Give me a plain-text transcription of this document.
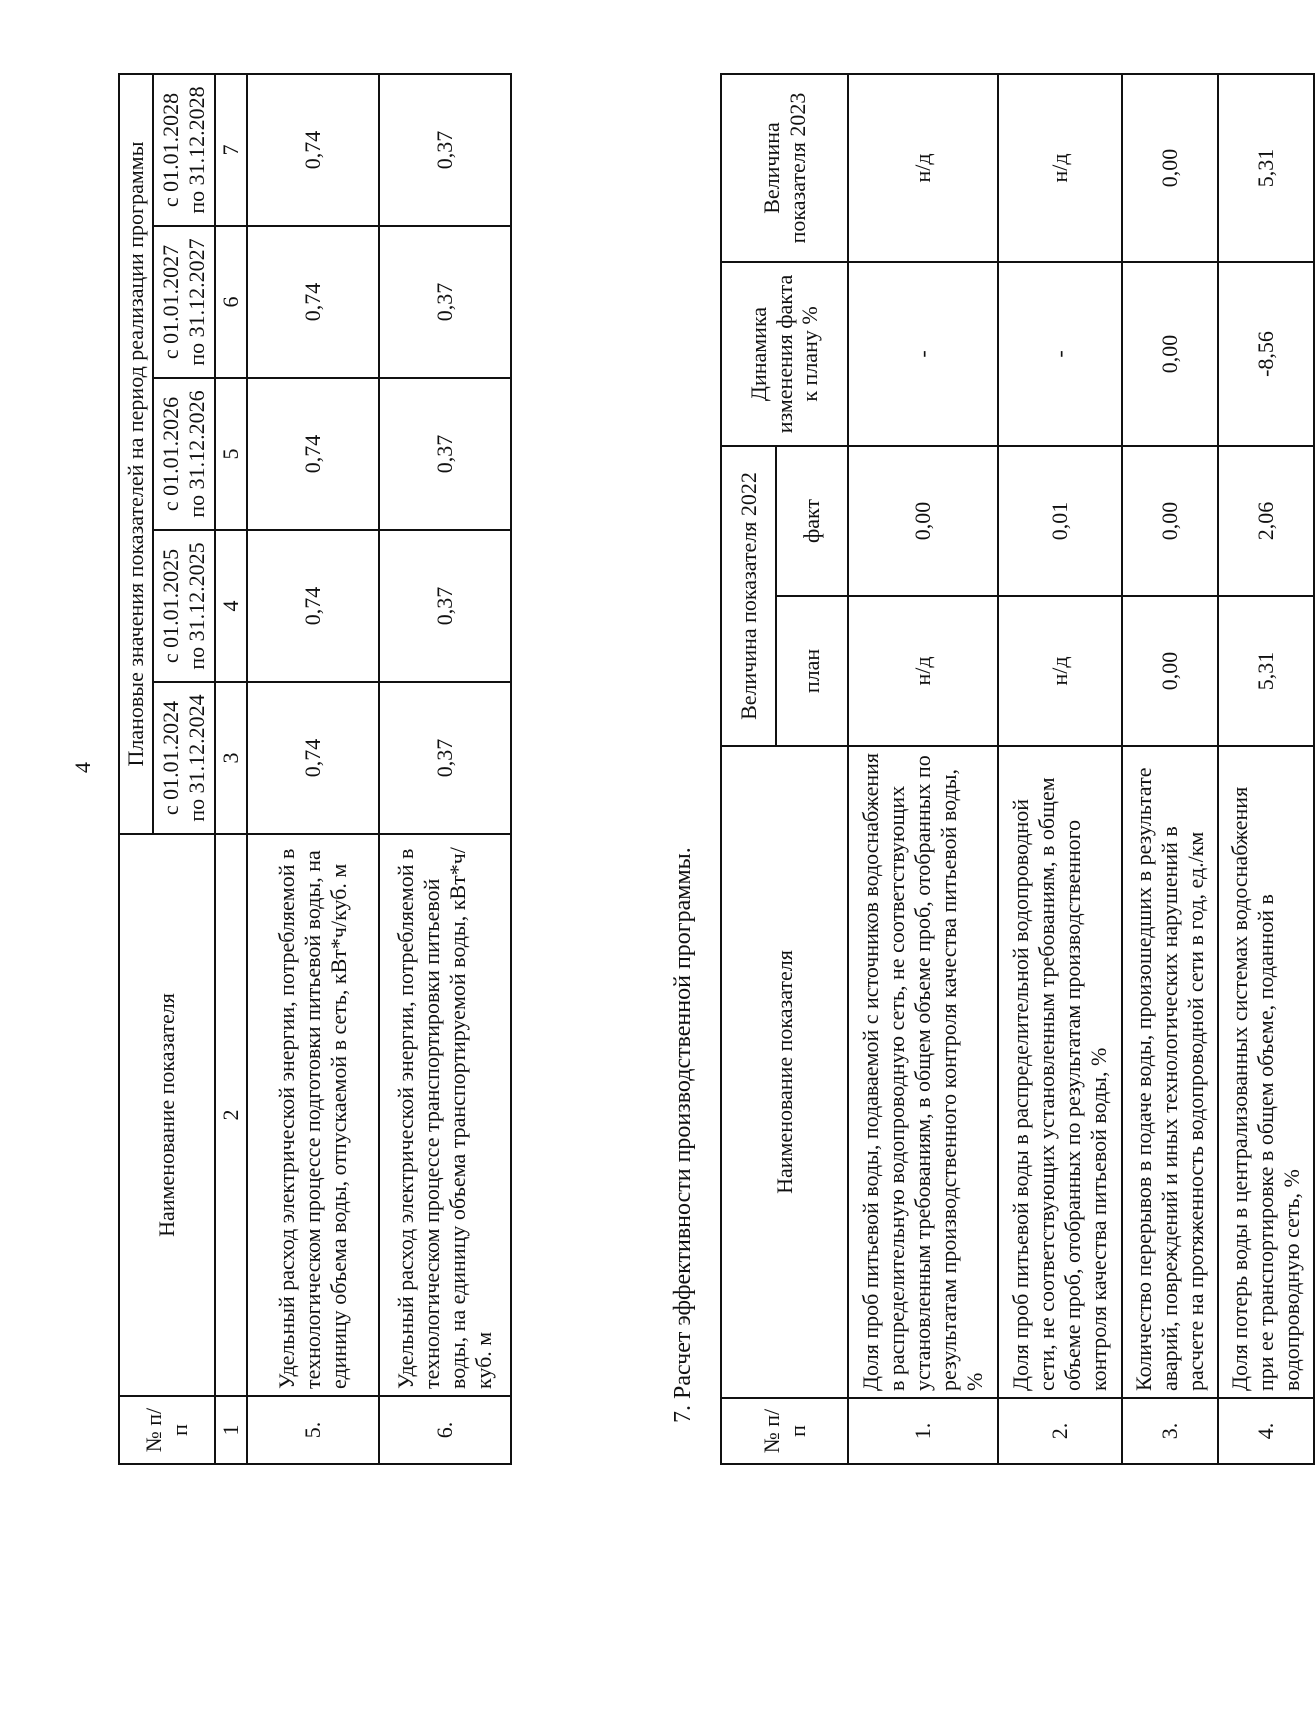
4
№ п/п	Наименование показателя	Плановые значения показателей на период реализации программы				
		с 01.01.2024 по 31.12.2024	с 01.01.2025 по 31.12.2025	с 01.01.2026 по 31.12.2026	с 01.01.2027 по 31.12.2027	с 01.01.2028 по 31.12.2028
1	2	3	4	5	6	7
5.	Удельный расход электрической энергии, потребляемой в технологическом процессе подготовки питьевой воды, на единицу объема воды, отпускаемой в сеть, кВт*ч/куб. м	0,74	0,74	0,74	0,74	0,74
6.	Удельный расход электрической энергии, потребляемой в технологическом процессе транспортировки питьевой воды, на единицу объема транспортируемой воды, кВт*ч/куб. м	0,37	0,37	0,37	0,37	0,37
7. Расчет эффективности производственной программы.
№ п/п	Наименование показателя	Величина показателя 2022		Динамика изменения факта к плану %	Величина показателя 2023
		план	факт		
1.	Доля проб питьевой воды, подаваемой с источников водоснабжения в распределительную водопроводную сеть, не соответствующих установленным требованиям, в общем объеме проб, отобранных по результатам производственного контроля качества питьевой воды, %	н/д	0,00	-	н/д
2.	Доля проб питьевой воды в распределительной водопроводной сети, не соответствующих установленным требованиям, в общем объеме проб, отобранных по результатам производственного контроля качества питьевой воды, %	н/д	0,01	-	н/д
3.	Количество перерывов в подаче воды, произошедших в результате аварий, повреждений и иных технологических нарушений в расчете на протяженность водопроводной сети в год, ед./км	0,00	0,00	0,00	0,00
4.	Доля потерь воды в централизованных системах водоснабжения при ее транспортировке в общем объеме, поданной в водопроводную сеть, %	5,31	2,06	-8,56	5,31
